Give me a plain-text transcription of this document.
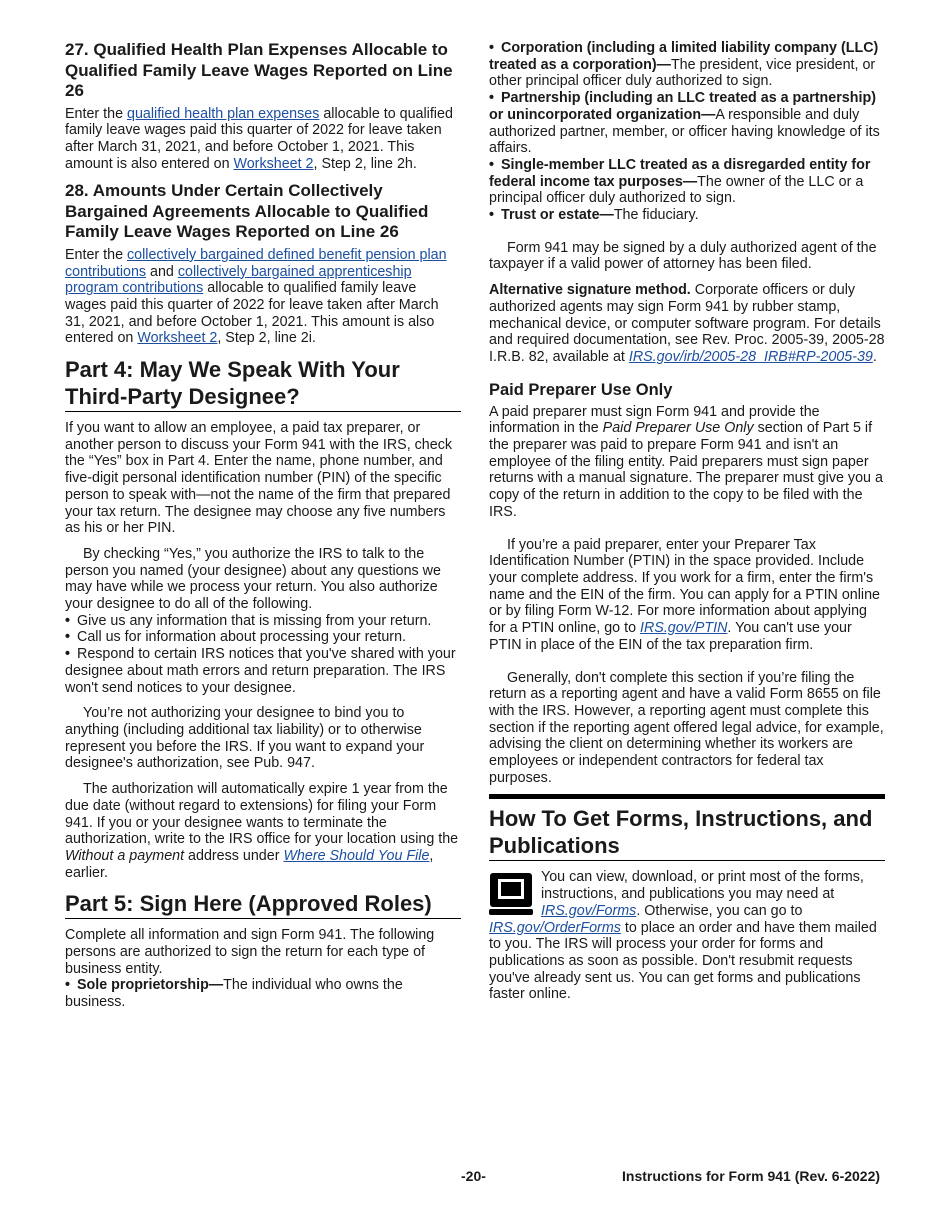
27. Qualified Health Plan Expenses Allocable to Qualified Family Leave Wages Reported on Line 26

Enter the qualified health plan expenses allocable to qualified family leave wages paid this quarter of 2022 for leave taken after March 31, 2021, and before October 1, 2021. This amount is also entered on Worksheet 2, Step 2, line 2h.

28. Amounts Under Certain Collectively Bargained Agreements Allocable to Qualified Family Leave Wages Reported on Line 26

Enter the collectively bargained defined benefit pension plan contributions and collectively bargained apprenticeship program contributions allocable to qualified family leave wages paid this quarter of 2022 for leave taken after March 31, 2021, and before October 1, 2021. This amount is also entered on Worksheet 2, Step 2, line 2i.

Part 4: May We Speak With Your Third-Party Designee?

If you want to allow an employee, a paid tax preparer, or another person to discuss your Form 941 with the IRS, check the “Yes” box in Part 4. Enter the name, phone number, and five-digit personal identification number (PIN) of the specific person to speak with—not the name of the firm that prepared your tax return. The designee may choose any five numbers as his or her PIN.

By checking “Yes,” you authorize the IRS to talk to the person you named (your designee) about any questions we may have while we process your return. You also authorize your designee to do all of the following.

• Give us any information that is missing from your return.
• Call us for information about processing your return.
• Respond to certain IRS notices that you've shared with your designee about math errors and return preparation. The IRS won't send notices to your designee.

You’re not authorizing your designee to bind you to anything (including additional tax liability) or to otherwise represent you before the IRS. If you want to expand your designee's authorization, see Pub. 947.

The authorization will automatically expire 1 year from the due date (without regard to extensions) for filing your Form 941. If you or your designee wants to terminate the authorization, write to the IRS office for your location using the Without a payment address under Where Should You File, earlier.

Part 5: Sign Here (Approved Roles)

Complete all information and sign Form 941. The following persons are authorized to sign the return for each type of business entity.

• Sole proprietorship—The individual who owns the business.
• Corporation (including a limited liability company (LLC) treated as a corporation)—The president, vice president, or other principal officer duly authorized to sign.
• Partnership (including an LLC treated as a partnership) or unincorporated organization—A responsible and duly authorized partner, member, or officer having knowledge of its affairs.
• Single-member LLC treated as a disregarded entity for federal income tax purposes—The owner of the LLC or a principal officer duly authorized to sign.
• Trust or estate—The fiduciary.

Form 941 may be signed by a duly authorized agent of the taxpayer if a valid power of attorney has been filed.

Alternative signature method. Corporate officers or duly authorized agents may sign Form 941 by rubber stamp, mechanical device, or computer software program. For details and required documentation, see Rev. Proc. 2005-39, 2005-28 I.R.B. 82, available at IRS.gov/irb/2005-28_IRB#RP-2005-39.

Paid Preparer Use Only

A paid preparer must sign Form 941 and provide the information in the Paid Preparer Use Only section of Part 5 if the preparer was paid to prepare Form 941 and isn't an employee of the filing entity. Paid preparers must sign paper returns with a manual signature. The preparer must give you a copy of the return in addition to the copy to be filed with the IRS.

If you’re a paid preparer, enter your Preparer Tax Identification Number (PTIN) in the space provided. Include your complete address. If you work for a firm, enter the firm's name and the EIN of the firm. You can apply for a PTIN online or by filing Form W-12. For more information about applying for a PTIN online, go to IRS.gov/PTIN. You can't use your PTIN in place of the EIN of the tax preparation firm.

Generally, don't complete this section if you’re filing the return as a reporting agent and have a valid Form 8655 on file with the IRS. However, a reporting agent must complete this section if the reporting agent offered legal advice, for example, advising the client on determining whether its workers are employees or independent contractors for federal tax purposes.

How To Get Forms, Instructions, and Publications

You can view, download, or print most of the forms, instructions, and publications you may need at IRS.gov/Forms. Otherwise, you can go to IRS.gov/OrderForms to place an order and have them mailed to you. The IRS will process your order for forms and publications as soon as possible. Don't resubmit requests you've already sent us. You can get forms and publications faster online.

-20-	Instructions for Form 941 (Rev. 6-2022)
